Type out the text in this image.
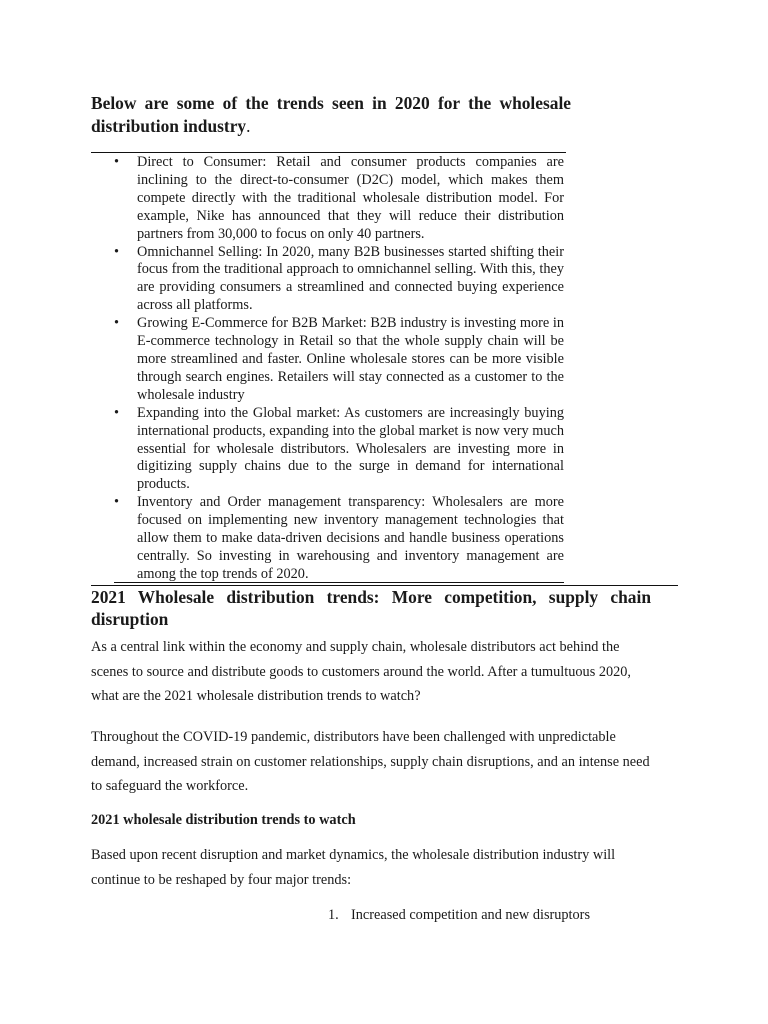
Below are some of the trends seen in 2020 for the wholesale distribution industry.
• Direct to Consumer: Retail and consumer products companies are inclining to the direct-to-consumer (D2C) model, which makes them compete directly with the traditional wholesale distribution model. For example, Nike has announced that they will reduce their distribution partners from 30,000 to focus on only 40 partners.
• Omnichannel Selling: In 2020, many B2B businesses started shifting their focus from the traditional approach to omnichannel selling. With this, they are providing consumers a streamlined and connected buying experience across all platforms.
• Growing E-Commerce for B2B Market: B2B industry is investing more in E-commerce technology in Retail so that the whole supply chain will be more streamlined and faster. Online wholesale stores can be more visible through search engines. Retailers will stay connected as a customer to the wholesale industry
• Expanding into the Global market: As customers are increasingly buying international products, expanding into the global market is now very much essential for wholesale distributors. Wholesalers are investing more in digitizing supply chains due to the surge in demand for international products.
• Inventory and Order management transparency: Wholesalers are more focused on implementing new inventory management technologies that allow them to make data-driven decisions and handle business operations centrally. So investing in warehousing and inventory management are among the top trends of 2020.
2021 Wholesale distribution trends: More competition, supply chain disruption
As a central link within the economy and supply chain, wholesale distributors act behind the scenes to source and distribute goods to customers around the world. After a tumultuous 2020, what are the 2021 wholesale distribution trends to watch?
Throughout the COVID-19 pandemic, distributors have been challenged with unpredictable demand, increased strain on customer relationships, supply chain disruptions, and an intense need to safeguard the workforce.
2021 wholesale distribution trends to watch
Based upon recent disruption and market dynamics, the wholesale distribution industry will continue to be reshaped by four major trends:
1. Increased competition and new disruptors
